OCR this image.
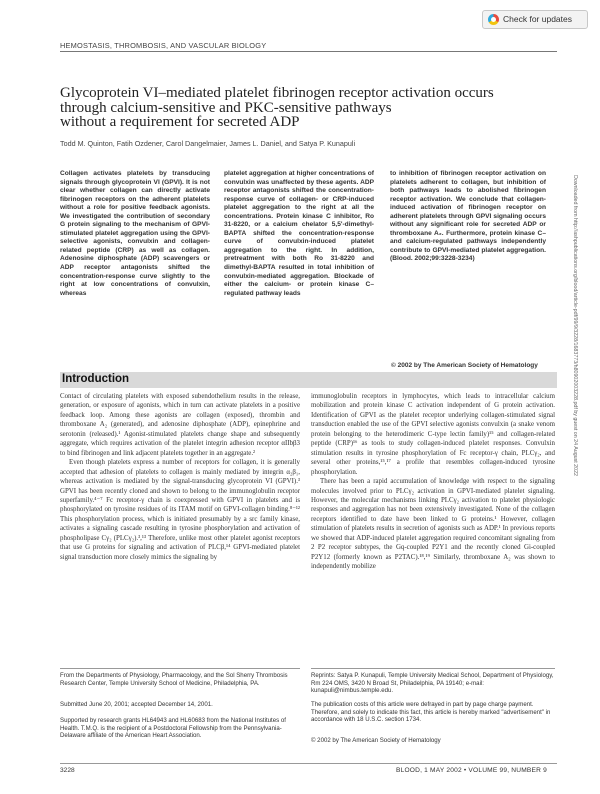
Check for updates
HEMOSTASIS, THROMBOSIS, AND VASCULAR BIOLOGY
Glycoprotein VI–mediated platelet fibrinogen receptor activation occurs
through calcium-sensitive and PKC-sensitive pathways
without a requirement for secreted ADP
Todd M. Quinton, Fatih Ozdener, Carol Dangelmaier, James L. Daniel, and Satya P. Kunapuli
Collagen activates platelets by transducing signals through glycoprotein VI (GPVI). It is not clear whether collagen can directly activate fibrinogen receptors on the adherent platelets without a role for positive feedback agonists. We investigated the contribution of secondary G protein signaling to the mechanism of GPVI-stimulated platelet aggregation using the GPVI-selective agonists, convulxin and collagen-related peptide (CRP) as well as collagen. Adenosine diphosphate (ADP) scavengers or ADP receptor antagonists shifted the concentration-response curve slightly to the right at low concentrations of convulxin, whereas
platelet aggregation at higher concentrations of convulxin was unaffected by these agents. ADP receptor antagonists shifted the concentration-response curve of collagen- or CRP-induced platelet aggregation to the right at all the concentrations. Protein kinase C inhibitor, Ro 31-8220, or a calcium chelator 5,5'-dimethyl-BAPTA shifted the concentration-response curve of convulxin-induced platelet aggregation to the right. In addition, pretreatment with both Ro 31-8220 and dimethyl-BAPTA resulted in total inhibition of convulxin-mediated aggregation. Blockade of either the calcium- or protein kinase C–regulated pathway leads
to inhibition of fibrinogen receptor activation on platelets adherent to collagen, but inhibition of both pathways leads to abolished fibrinogen receptor activation. We conclude that collagen-induced activation of fibrinogen receptor on adherent platelets through GPVI signaling occurs without any significant role for secreted ADP or thromboxane A₂. Furthermore, protein kinase C– and calcium-regulated pathways independently contribute to GPVI-mediated platelet aggregation. (Blood. 2002;99:3228-3234)
© 2002 by The American Society of Hematology
Introduction

Contact of circulating platelets with exposed subendothelium results in the release, generation, or exposure of agonists, which in turn can activate platelets in a positive feedback loop. Among these agonists are collagen (exposed), thrombin and thromboxane A₂ (generated), and adenosine diphosphate (ADP), epinephrine and serotonin (released).¹ Agonist-stimulated platelets change shape and subsequently aggregate, which requires activation of the platelet integrin adhesion receptor αIIbβ3 to bind fibrinogen and link adjacent platelets together in an aggregate.²

Even though platelets express a number of receptors for collagen, it is generally accepted that adhesion of platelets to collagen is mainly mediated by integrin α₂β₁, whereas activation is mediated by the signal-transducing glycoprotein VI (GPVI).³ GPVI has been recently cloned and shown to belong to the immunoglobulin receptor superfamily.⁴⁻⁷ Fc receptor-γ chain is coexpressed with GPVI in platelets and is phosphorylated on tyrosine residues of its ITAM motif on GPVI-collagen binding.⁸⁻¹² This phosphorylation process, which is initiated presumably by a src family kinase, activates a signaling cascade resulting in tyrosine phosphorylation and activation of phospholipase Cγ₂ (PLCγ₂).³,¹³ Therefore, unlike most other platelet agonist receptors that use G proteins for signaling and activation of PLCβ,¹⁴ GPVI-mediated platelet signal transduction more closely mimics the signaling by

immunoglobulin receptors in lymphocytes, which leads to intracellular calcium mobilization and protein kinase C activation independent of G protein activation. Identification of GPVI as the platelet receptor underlying collagen-stimulated signal transduction enabled the use of the GPVI selective agonists convulxin (a snake venom protein belonging to the heterodimeric C-type lectin family)¹⁵ and collagen-related peptide (CRP)¹⁶ as tools to study collagen-induced platelet responses. Convulxin stimulation results in tyrosine phosphorylation of Fc receptor-γ chain, PLCγ₂, and several other proteins,¹⁵,¹⁷ a profile that resembles collagen-induced tyrosine phosphorylation.

There has been a rapid accumulation of knowledge with respect to the signaling molecules involved prior to PLCγ₂ activation in GPVI-mediated platelet signaling. However, the molecular mechanisms linking PLCγ₂ activation to platelet physiologic responses and aggregation has not been extensively investigated. None of the collagen receptors identified to date have been linked to G proteins.¹ However, collagen stimulation of platelets results in secretion of agonists such as ADP.¹ In previous reports we showed that ADP-induced platelet aggregation required concomitant signaling from 2 P2 receptor subtypes, the Gq-coupled P2Y1 and the recently cloned Gi-coupled P2Y12 (formerly known as P2TAC).¹⁸,¹⁹ Similarly, thromboxane A₂ was shown to independently mobilize

Downloaded from http://ashpublications.org/blood/article-pdf/99/9/3228/1683773/h80902003228.pdf by guest on 24 August 2022
From the Departments of Physiology, Pharmacology, and the Sol Sherry Thrombosis Research Center, Temple University School of Medicine, Philadelphia, PA.
Submitted June 20, 2001; accepted December 14, 2001.
Supported by research grants HL64943 and HL60683 from the National Institutes of Health. T.M.Q. is the recipient of a Postdoctoral Fellowship from the Pennsylvania-Delaware affiliate of the American Heart Association.
Reprints: Satya P. Kunapuli, Temple University Medical School, Department of Physiology, Rm 224 OMS, 3420 N Broad St, Philadelphia, PA 19140; e-mail: kunapuli@nimbus.temple.edu.
The publication costs of this article were defrayed in part by page charge payment. Therefore, and solely to indicate this fact, this article is hereby marked "advertisement" in accordance with 18 U.S.C. section 1734.
© 2002 by The American Society of Hematology
3228	BLOOD, 1 MAY 2002 • VOLUME 99, NUMBER 9
